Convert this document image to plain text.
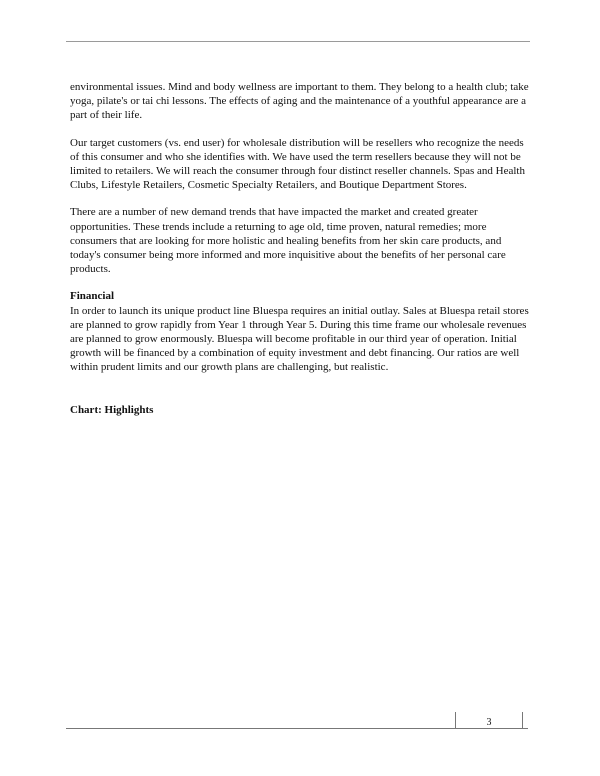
environmental issues. Mind and body wellness are important to them. They belong to a health club; take yoga, pilate's or tai chi lessons. The effects of aging and the maintenance of a youthful appearance are a part of their life.

Our target customers (vs. end user) for wholesale distribution will be resellers who recognize the needs of this consumer and who she identifies with. We have used the term resellers because they will not be limited to retailers. We will reach the consumer through four distinct reseller channels. Spas and Health Clubs, Lifestyle Retailers, Cosmetic Specialty Retailers, and Boutique Department Stores.

There are a number of new demand trends that have impacted the market and created greater opportunities. These trends include a returning to age old, time proven, natural remedies; more consumers that are looking for more holistic and healing benefits from her skin care products, and today's consumer being more informed and more inquisitive about the benefits of her personal care products.

Financial

In order to launch its unique product line Bluespa requires an initial outlay. Sales at Bluespa retail stores are planned to grow rapidly from Year 1 through Year 5. During this time frame our wholesale revenues are planned to grow enormously. Bluespa will become profitable in our third year of operation. Initial growth will be financed by a combination of equity investment and debt financing. Our ratios are well within prudent limits and our growth plans are challenging, but realistic.

Chart: Highlights

3
